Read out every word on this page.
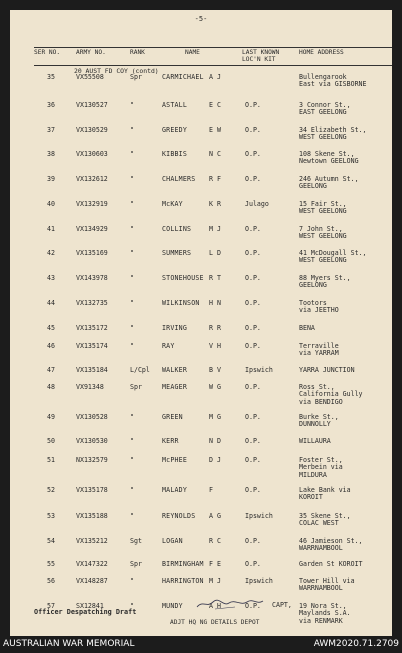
-5-
SER NO.	ARMY NO.	RANK	NAME	LAST KNOWN
LOC'N KIT
HOME ADDRESS
20 AUST FD COY (contd)
35	VX55508	Spr	CARMICHAEL A J	Bullengarook
East via GISBORNE
36	VX130527	"	ASTALL	E C	O.P.	3 Connor St.,
EAST GEELONG
37	VX130529	"	GREEDY	E W	O.P.	34 Elizabeth St.,
WEST GEELONG
38	VX130603	"	KIBBIS	N C	O.P.	108 Skene St.,
Newtown GEELONG
39	VX132612	"	CHALMERS R F	O.P.	246 Autumn St.,
GEELONG
40	VX132919	"	McKAY	K R	Julago	15 Fair St.,
WEST GEELONG
41	VX134929	"	COLLINS	M J	O.P.	7 John St.,
WEST GEELONG
42	VX135169	"	SUMMERS	L D	O.P.	41 McDougall St.,
WEST GEELONG
43	VX143978	"	STONEHOUSE R T	O.P.	88 Myers St.,
GEELONG
44	VX132735	"	WILKINSON H N	O.P.	Tootors
via JEETHO
45	VX135172	"	IRVING	R R	O.P.	BENA
46	VX135174	"	RAY	V H	O.P.	Terraville
via YARRAM
47	VX135184	L/Cpl WALKER	B V	Ipswich	YARRA JUNCTION
48	VX91348	Spr	MEAGER	W G	O.P.	Ross St.,
California Gully
via BENDIGO
49	VX130528	"	GREEN	M G	O.P.	Burke St.,
DUNNOLLY
50	VX130530	"	KERR	N D	O.P.	WILLAURA
51	NX132579	"	McPHEE	D J	O.P.	Foster St.,
Merbein via
MILDURA
52	VX135178	"	MALADY	F	O.P.	Lake Bank via
KOROIT
53	VX135188	"	REYNOLDS A G	Ipswich	35 Skene St.,
COLAC WEST
54	VX135212	Sgt	LOGAN	R C	O.P.	46 Jamieson St.,
WARRNAMBOOL
55	VX147322	Spr	BIRMINGHAM F E	O.P.	Garden St KOROIT
56	VX148287	"	HARRINGTON M J	Ipswich	Tower Hill via
WARRNAMBOOL
57	SX12841	"	MUNDY	A H	O.P.	19 Nora St.,
Maylands S.A.
via RENMARK
CAPT,
Officer Despatching Draft
ADJT HQ NG DETAILS DEPOT
AUSTRALIAN WAR MEMORIAL	AWM2020.71.2709
